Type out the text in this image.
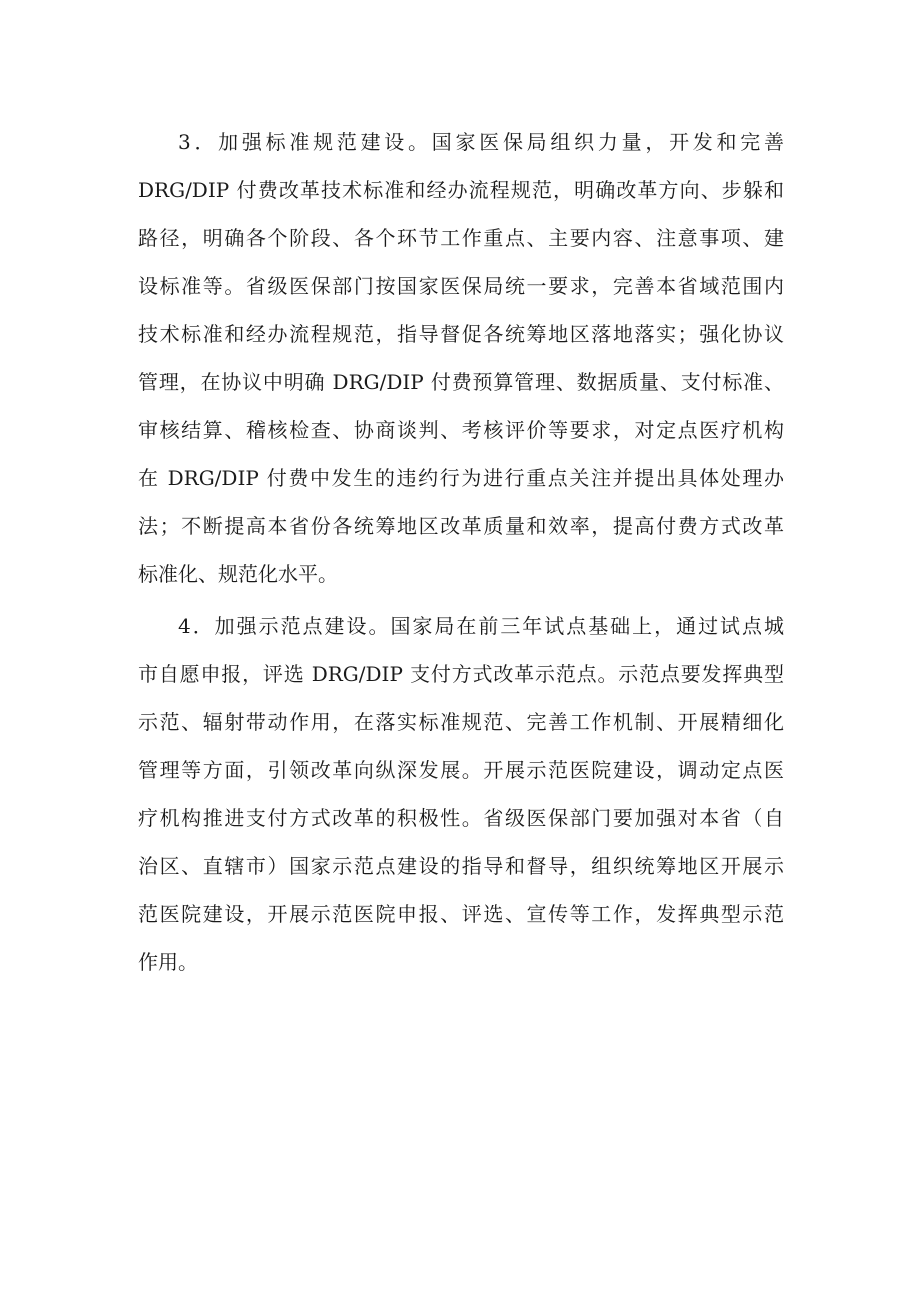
3．加强标准规范建设。国家医保局组织力量，开发和完善
DRG/DIP 付费改革技术标准和经办流程规范，明确改革方向、步躲和
路径，明确各个阶段、各个环节工作重点、主要内容、注意事项、建
设标准等。省级医保部门按国家医保局统一要求，完善本省域范围内
技术标准和经办流程规范，指导督促各统筹地区落地落实；强化协议
管理，在协议中明确 DRG/DIP 付费预算管理、数据质量、支付标准、
审核结算、稽核检查、协商谈判、考核评价等要求，对定点医疗机构
在 DRG/DIP 付费中发生的违约行为进行重点关注并提出具体处理办
法；不断提高本省份各统筹地区改革质量和效率，提高付费方式改革
标准化、规范化水平。
4．加强示范点建设。国家局在前三年试点基础上，通过试点城
市自愿申报，评选 DRG/DIP 支付方式改革示范点。示范点要发挥典型
示范、辐射带动作用，在落实标准规范、完善工作机制、开展精细化
管理等方面，引领改革向纵深发展。开展示范医院建设，调动定点医
疗机构推进支付方式改革的积极性。省级医保部门要加强对本省（自
治区、直辖市）国家示范点建设的指导和督导，组织统筹地区开展示
范医院建设，开展示范医院申报、评选、宣传等工作，发挥典型示范
作用。
